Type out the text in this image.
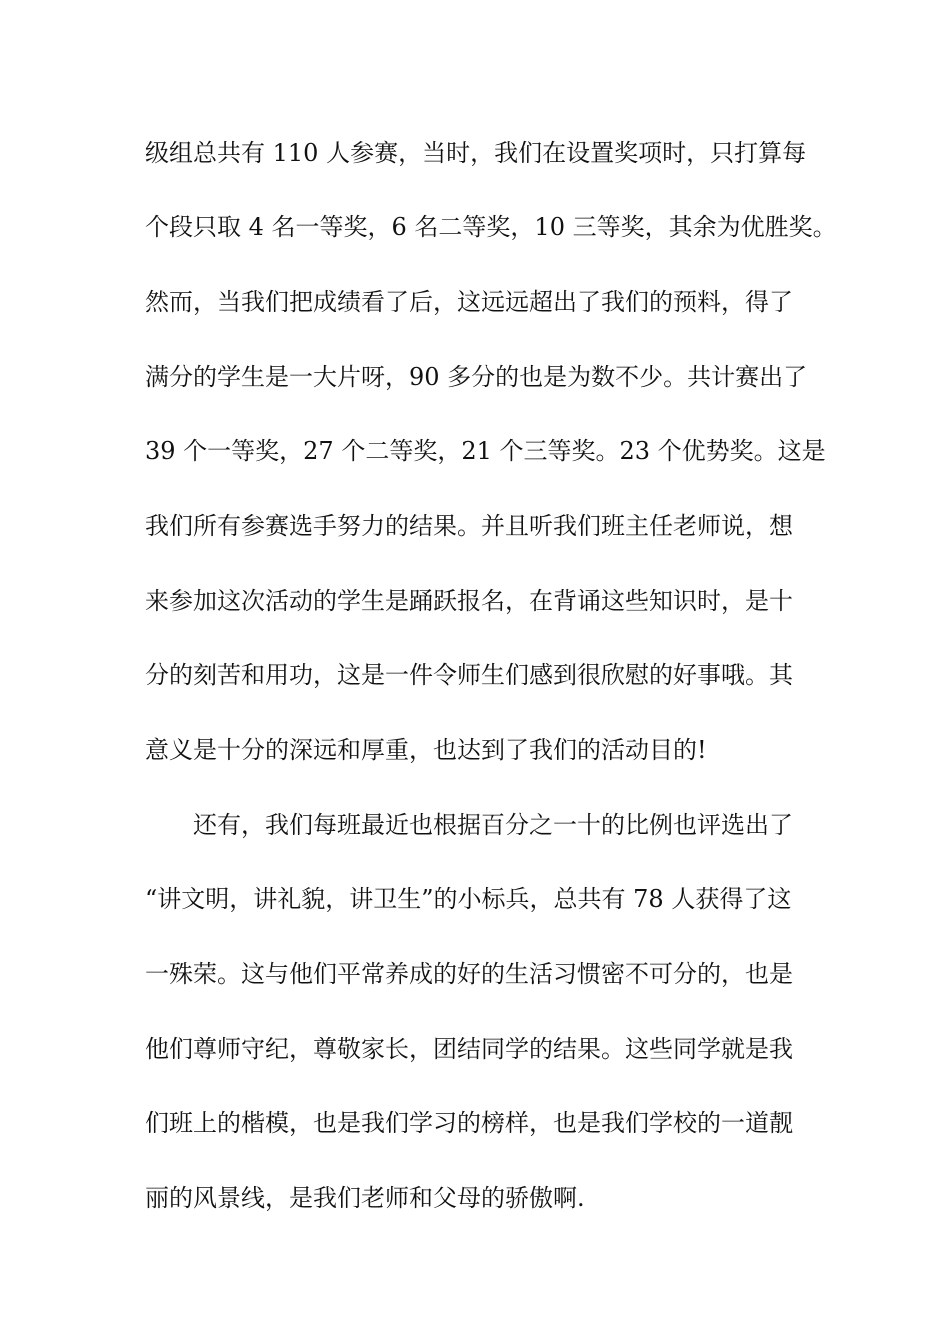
级组总共有 110 人参赛，当时，我们在设置奖项时，只打算每
个段只取 4 名一等奖，6 名二等奖，10 三等奖，其余为优胜奖。
然而，当我们把成绩看了后，这远远超出了我们的预料，得了
满分的学生是一大片呀，90 多分的也是为数不少。共计赛出了
39 个一等奖，27 个二等奖，21 个三等奖。23 个优势奖。这是
我们所有参赛选手努力的结果。并且听我们班主任老师说，想
来参加这次活动的学生是踊跃报名，在背诵这些知识时，是十
分的刻苦和用功，这是一件令师生们感到很欣慰的好事哦。其
意义是十分的深远和厚重，也达到了我们的活动目的!
还有，我们每班最近也根据百分之一十的比例也评选出了
“讲文明，讲礼貌，讲卫生”的小标兵，总共有 78 人获得了这
一殊荣。这与他们平常养成的好的生活习惯密不可分的，也是
他们尊师守纪，尊敬家长，团结同学的结果。这些同学就是我
们班上的楷模，也是我们学习的榜样，也是我们学校的一道靓
丽的风景线，是我们老师和父母的骄傲啊.
